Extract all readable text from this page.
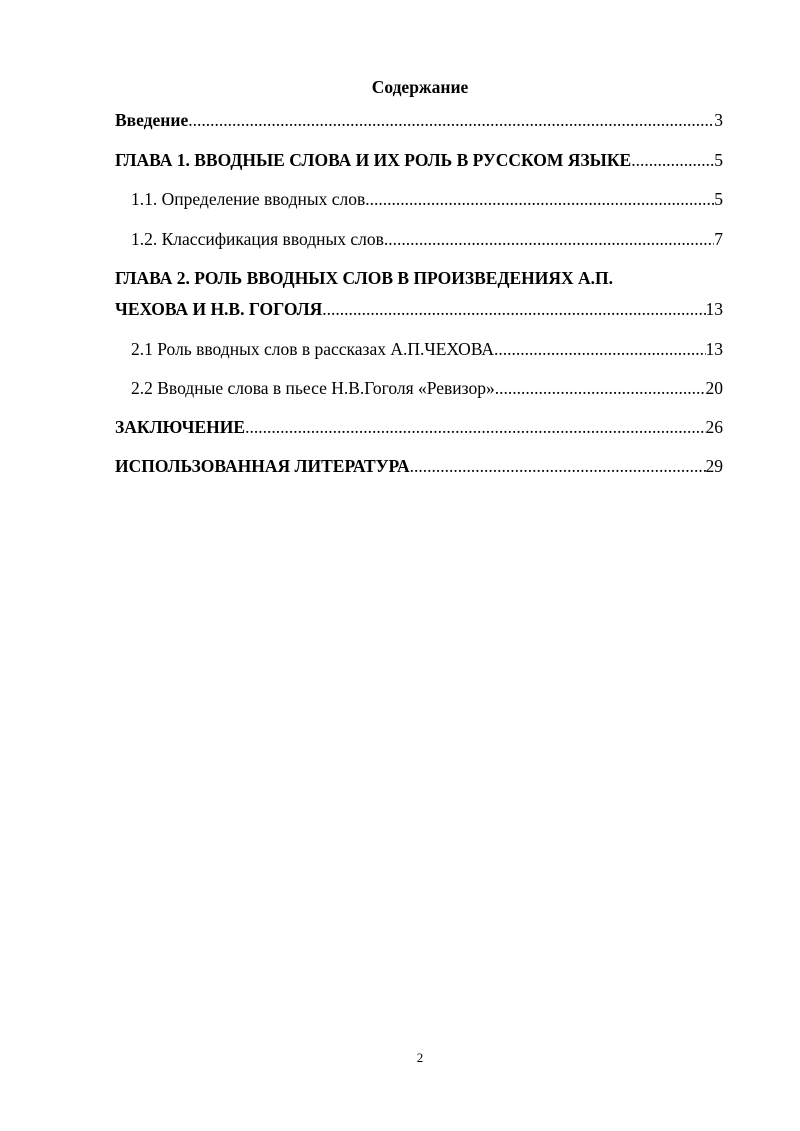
Содержание
Введение .....	3
ГЛАВА 1. ВВОДНЫЕ СЛОВА И ИХ РОЛЬ В РУССКОМ ЯЗЫКЕ .....	5
1.1. Определение вводных слов .....	5
1.2. Классификация вводных слов .....	7
ГЛАВА 2. РОЛЬ ВВОДНЫХ СЛОВ В ПРОИЗВЕДЕНИЯХ А.П.
ЧЕХОВА И Н.В. ГОГОЛЯ .....	13
2.1 Роль вводных слов в рассказах А.П.ЧЕХОВА .....	13
2.2 Вводные слова в пьесе Н.В.Гоголя «Ревизор» .....	20
ЗАКЛЮЧЕНИЕ .....	26
ИСПОЛЬЗОВАННАЯ ЛИТЕРАТУРА .....	29
2
